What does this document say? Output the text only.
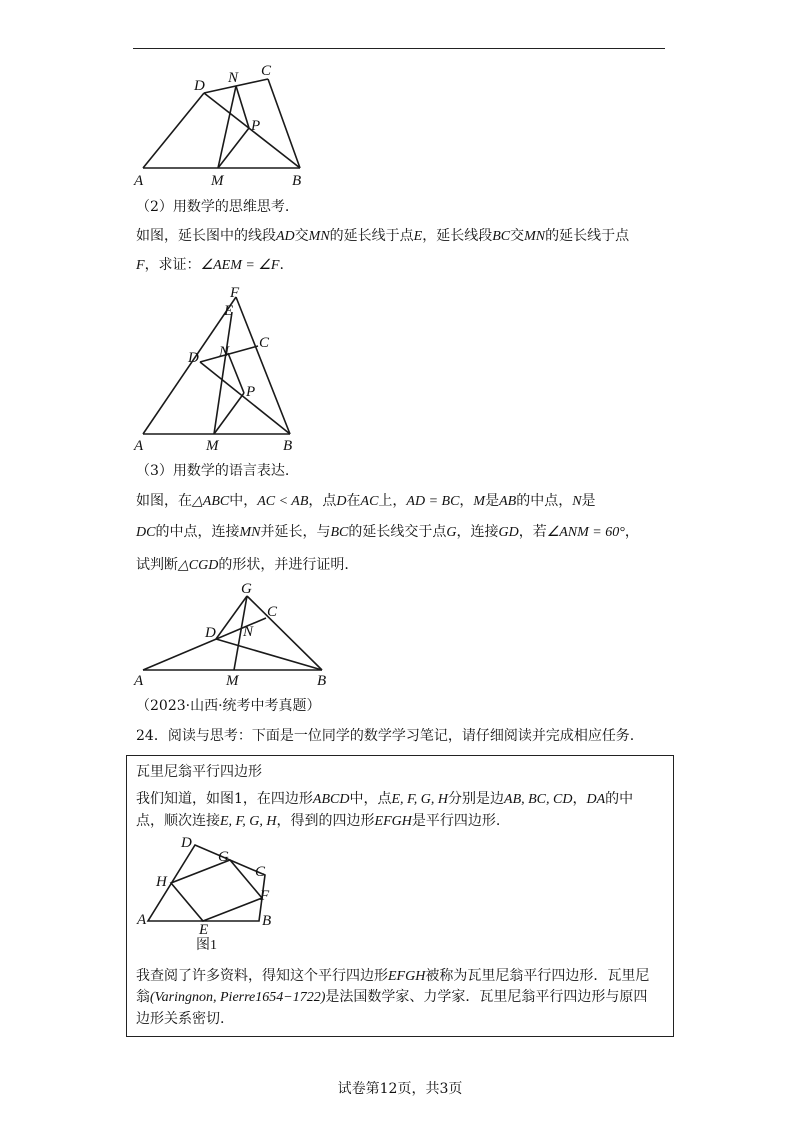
A	M	B
D N C
P
（2）用数学的思维思考.
如图，延长图中的线段AD交MN的延长线于点E，延长线段BC交MN的延长线于点
F，求证：∠AEM = ∠F.
A	M	B
D N
C
P
E
F
（3）用数学的语言表达.
如图，在△ABC中，AC < AB，点D在AC上，AD = BC，M是AB的中点，N是
DC的中点，连接MN并延长，与BC的延长线交于点G，连接GD，若∠ANM = 60°，
试判断△CGD的形状，并进行证明.
A	M	B
D N
C
G
（2023·山西·统考中考真题）
24．阅读与思考：下面是一位同学的数学学习笔记，请仔细阅读并完成相应任务.
瓦里尼翁平行四边形
我们知道，如图1，在四边形ABCD中，点E, F, G, H分别是边AB, BC, CD，DA的中
点，顺次连接E, F, G, H，得到的四边形EFGH是平行四边形.
A	B
C
D
E
F
G
H
图1
我查阅了许多资料，得知这个平行四边形EFGH被称为瓦里尼翁平行四边形．瓦里尼
翁(Varingnon, Pierre1654−1722)是法国数学家、力学家．瓦里尼翁平行四边形与原四
边形关系密切.
试卷第12页，共3页
